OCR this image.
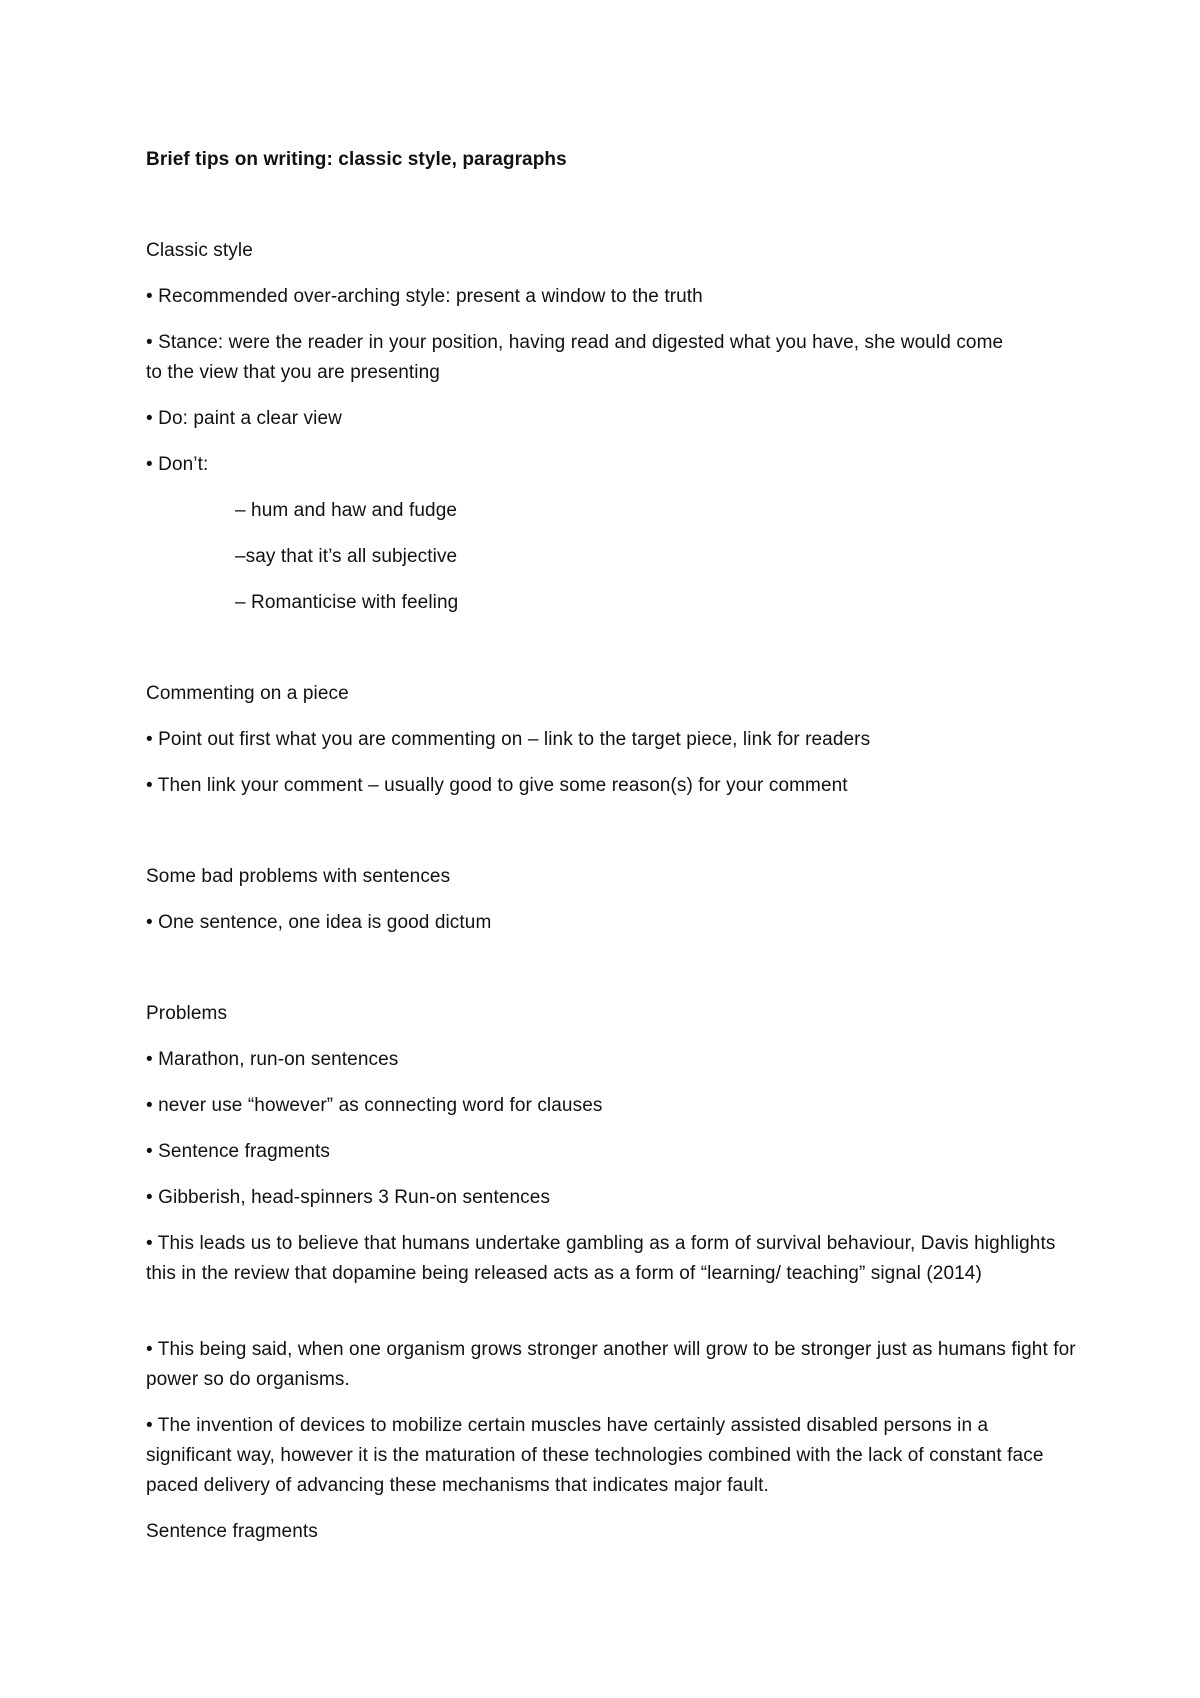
Brief tips on writing: classic style, paragraphs
Classic style
• Recommended over-arching style: present a window to the truth
• Stance: were the reader in your position, having read and digested what you have, she would come
to the view that you are presenting
• Do: paint a clear view
• Don’t:
– hum and haw and fudge
–say that it’s all subjective
– Romanticise with feeling
Commenting on a piece
• Point out first what you are commenting on – link to the target piece, link for readers
• Then link your comment – usually good to give some reason(s) for your comment
Some bad problems with sentences
• One sentence, one idea is good dictum
Problems
• Marathon, run-on sentences
• never use “however” as connecting word for clauses
• Sentence fragments
• Gibberish, head-spinners 3 Run-on sentences
• This leads us to believe that humans undertake gambling as a form of survival behaviour, Davis highlights this in the review that dopamine being released acts as a form of “learning/ teaching” signal (2014)
• This being said, when one organism grows stronger another will grow to be stronger just as humans fight for power so do organisms.
• The invention of devices to mobilize certain muscles have certainly assisted disabled persons in a significant way, however it is the maturation of these technologies combined with the lack of constant face paced delivery of advancing these mechanisms that indicates major fault.
Sentence fragments
